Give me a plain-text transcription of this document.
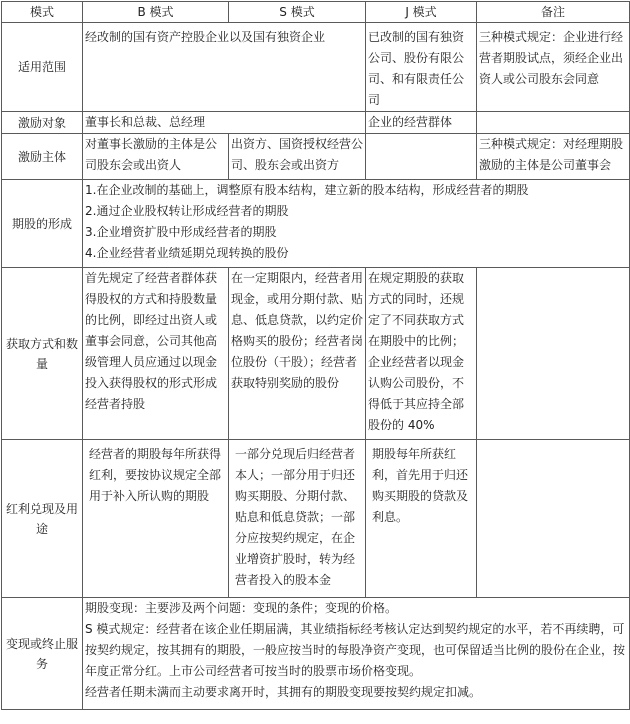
模式	B 模式	S 模式	J 模式	备注
适用范围	经改制的国有资产控股企业以及国有独资企业		已改制的国有独资公司、股份有限公司、和有限责任公司	三种模式规定：企业进行经营者期股试点，须经企业出资人或公司股东会同意
激励对象	董事长和总裁、总经理		企业的经营群体	
激励主体	对董事长激励的主体是公司股东会或出资人	出资方、国资授权经营公司、股东会或出资方		三种模式规定：对经理期股激励的主体是公司董事会
期股的形成	1.在企业改制的基础上，调整原有股本结构，建立新的股本结构，形成经营者的期股
2.通过企业股权转让形成经营者的期股
3.企业增资扩股中形成经营者的期股
4.企业经营者业绩延期兑现转换的股份			

获取方式和数量	首先规定了经营者群体获得股权的方式和持股数量的比例，即经过出资人或董事会同意，公司其他高级管理人员应通过以现金投入获得股权的形式形成经营者持股	在一定期限内，经营者用现金，或用分期付款、贴息、低息贷款，以约定价格购买的股份；经营者岗位股份（干股）；经营者获取特别奖励的股份	在规定期股的获取方式的同时，还规定了不同获取方式在期股中的比例；企业经营者以现金认购公司股份，不得低于其应持全部股份的 40%	
红利兑现及用途	经营者的期股每年所获得红利，要按协议规定全部用于补入所认购的期股	一部分兑现后归经营者本人；一部分用于归还购买期股、分期付款、贴息和低息贷款；一部分应按契约规定，在企业增资扩股时，转为经营者投入的股本金	期股每年所获红利，首先用于归还购买期股的贷款及利息。	
变现或终止服务	期股变现：主要涉及两个问题：变现的条件；变现的价格。
S 模式规定：经营者在该企业任期届满，其业绩指标经考核认定达到契约规定的水平，若不再续聘，可按契约规定，按其拥有的期股，一般应按当时的每股净资产变现，也可保留适当比例的股份在企业，按年度正常分红。上市公司经营者可按当时的股票市场价格变现。
经营者任期未满而主动要求离开时，其拥有的期股变现要按契约规定扣减。			
